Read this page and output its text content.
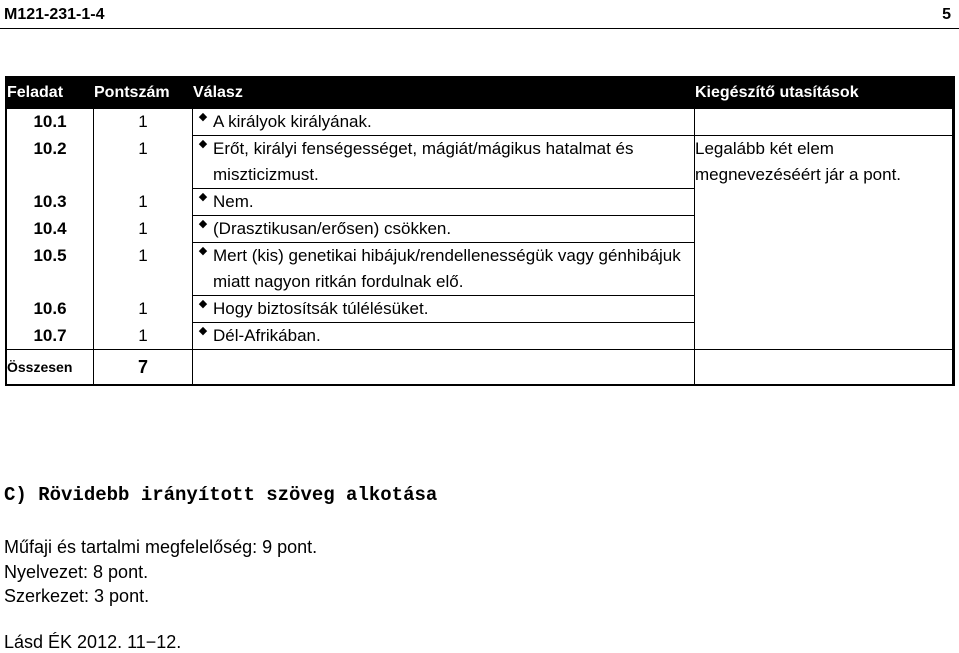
M121-231-1-4	5
Feladat	Pontszám	Válasz	Kiegészítő utasítások	
10.1	1	◆ A királyok királyának.		

10.2	1	◆ Erőt, királyi fenségességet, mágiát/mágikus hatalmat és miszticizmust.	Legalább két elem megnevezéséért jár a pont.	
10.3	1	◆ Nem.		

10.4	1	◆ (Drasztikusan/erősen) csökken.		

10.5	1	◆ Mert (kis) genetikai hibájuk/rendellenességük vagy génhibájuk miatt nagyon ritkán fordulnak elő.		

10.6	1	◆ Hogy biztosítsák túlélésüket.		

10.7	1	◆ Dél-Afrikában.		

Összesen	7			
C) Rövidebb irányított szöveg alkotása
Műfaji és tartalmi megfelelőség: 9 pont.
Nyelvezet: 8 pont.
Szerkezet: 3 pont.
Lásd ÉK 2012. 11−12.
